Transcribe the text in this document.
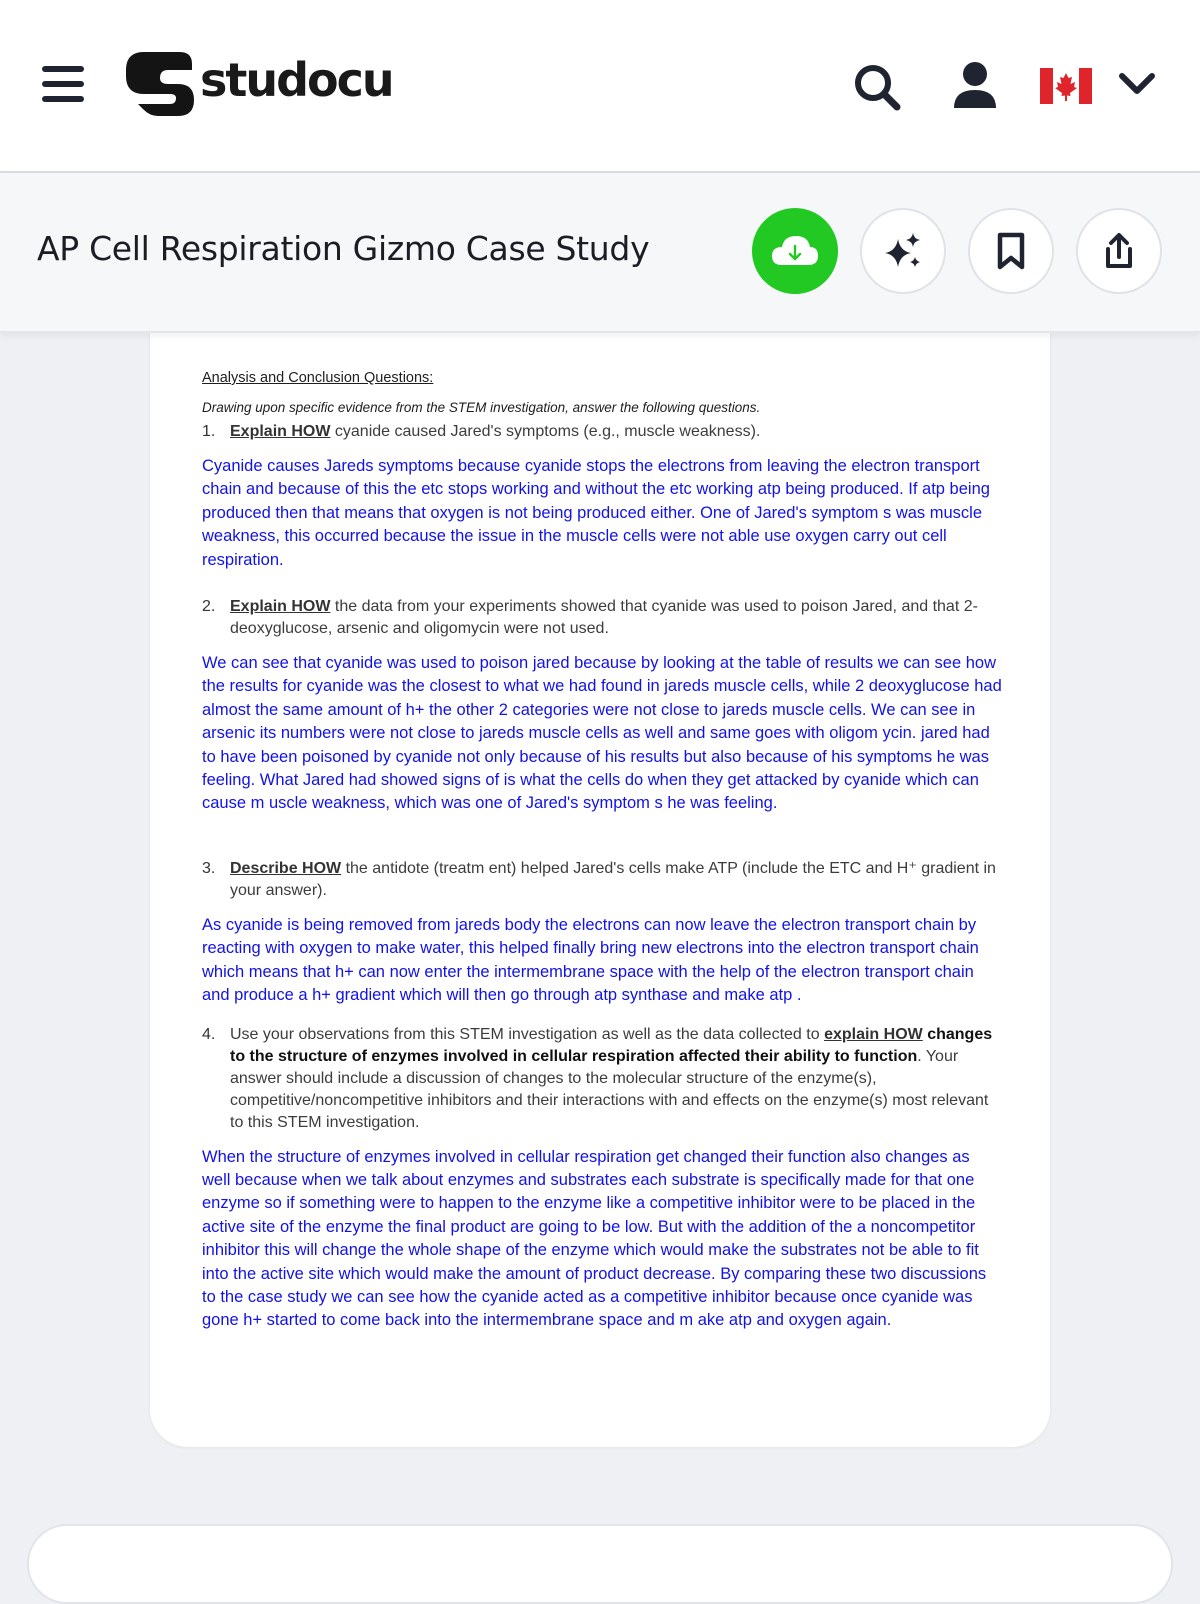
studocu

Analysis and Conclusion Questions:

Drawing upon specific evidence from the STEM investigation, answer the following questions.

1. Explain HOW cyanide caused Jared's symptoms (e.g., muscle weakness).

Cyanide causes Jareds symptoms because cyanide stops the electrons from leaving the electron transport chain and because of this the etc stops working and without the etc working atp being produced. If atp being produced then that means that oxygen is not being produced either. One of Jared's symptom s was muscle weakness, this occurred because the issue in the muscle cells were not able use oxygen carry out cell respiration.

2. Explain HOW the data from your experiments showed that cyanide was used to poison Jared, and that 2-deoxyglucose, arsenic and oligomycin were not used.

We can see that cyanide was used to poison jared because by looking at the table of results we can see how the results for cyanide was the closest to what we had found in jareds muscle cells, while 2 deoxyglucose had almost the same amount of h+ the other 2 categories were not close to jareds muscle cells. We can see in arsenic its numbers were not close to jareds muscle cells as well and same goes with oligom ycin. jared had to have been poisoned by cyanide not only because of his results but also because of his symptoms he was feeling. What Jared had showed signs of is what the cells do when they get attacked by cyanide which can cause m uscle weakness, which was one of Jared's symptom s he was feeling.

3. Describe HOW the antidote (treatm ent) helped Jared's cells make ATP (include the ETC and H⁺ gradient in your answer).

As cyanide is being removed from jareds body the electrons can now leave the electron transport chain by reacting with oxygen to make water, this helped finally bring new electrons into the electron transport chain which means that h+ can now enter the intermembrane space with the help of the electron transport chain and produce a h+ gradient which will then go through atp synthase and make atp .

4. Use your observations from this STEM investigation as well as the data collected to explain HOW changes to the structure of enzymes involved in cellular respiration affected their ability to function. Your answer should include a discussion of changes to the molecular structure of the enzyme(s), competitive/noncompetitive inhibitors and their interactions with and effects on the enzyme(s) most relevant to this STEM investigation.

When the structure of enzymes involved in cellular respiration get changed their function also changes as well because when we talk about enzymes and substrates each substrate is specifically made for that one enzyme so if something were to happen to the enzyme like a competitive inhibitor were to be placed in the active site of the enzyme the final product are going to be low. But with the addition of the a noncompetitor inhibitor this will change the whole shape of the enzyme which would make the substrates not be able to fit into the active site which would make the amount of product decrease. By comparing these two discussions to the case study we can see how the cyanide acted as a competitive inhibitor because once cyanide was gone h+ started to come back into the intermembrane space and m ake atp and oxygen again.

AP Cell Respiration Gizmo Case Study
